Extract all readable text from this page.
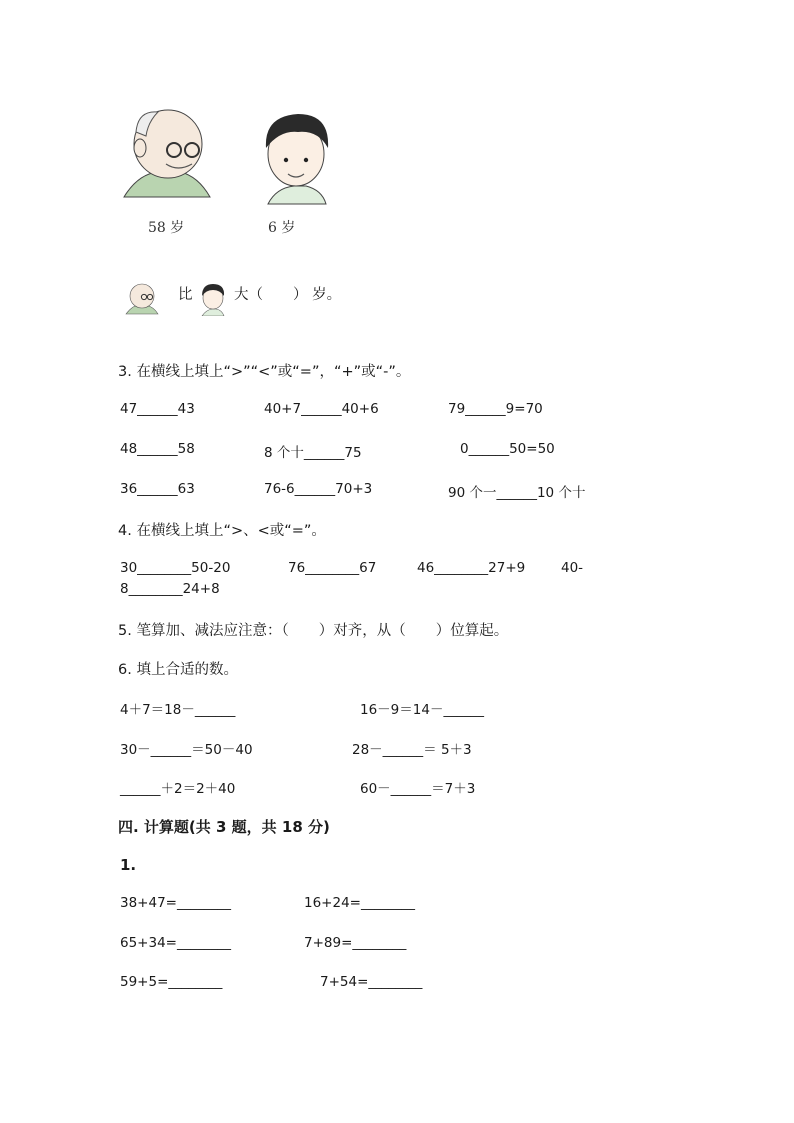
58 岁	6 岁
比	大（ ） 岁。
3. 在横线上填上“>”“<”或“=”，“+”或“-”。
47______43	40+7______40+6	79______9=70
48______58	8 个十______75	0______50=50
36______63	76-6______70+3	90 个一______10 个十
4. 在横线上填上“>、<或“=”。
30________50-20	76________67	46________27+9	40-
8________24+8
5. 笔算加、减法应注意：（ ）对齐，从（ ）位算起。
6. 填上合适的数。
4＋7＝18－______	16－9＝14－______
30－______＝50－40	28－______＝ 5＋3
______＋2＝2＋40	60－______＝7＋3
四. 计算题(共 3 题，共 18 分)
1.
38+47=________	16+24=________
65+34=________	7+89=________
59+5=________	7+54=________
